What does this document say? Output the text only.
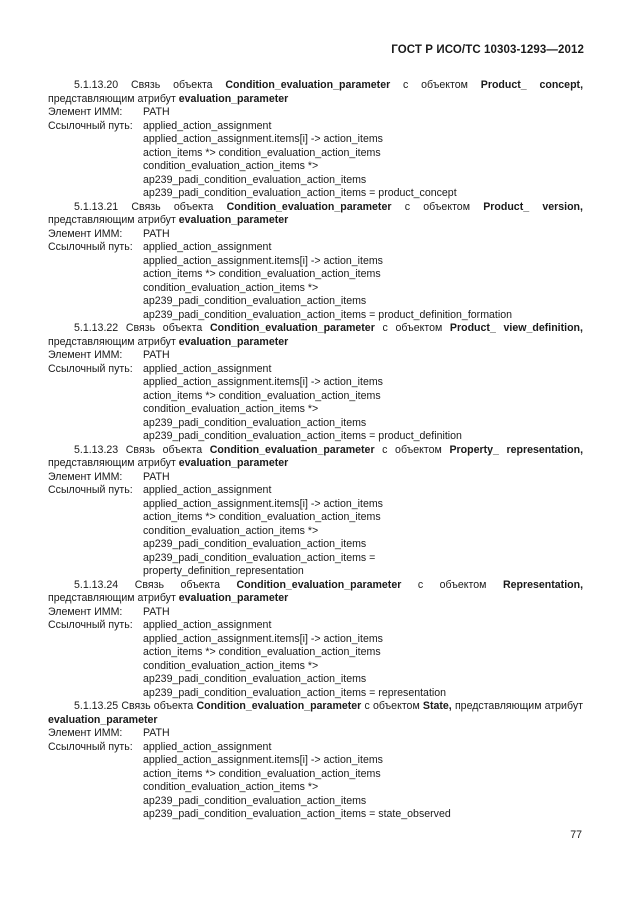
ГОСТ Р ИСО/ТС 10303-1293—2012
5.1.13.20 Связь объекта Condition_evaluation_parameter с объектом Product_ concept, представляющим атрибут evaluation_parameter
Элемент ИММ:	PATH
Ссылочный путь: applied_action_assignment
applied_action_assignment.items[i] -> action_items
action_items *> condition_evaluation_action_items
condition_evaluation_action_items *>
ap239_padi_condition_evaluation_action_items
ap239_padi_condition_evaluation_action_items = product_concept
5.1.13.21 Связь объекта Condition_evaluation_parameter с объектом Product_ version, представляющим атрибут evaluation_parameter
Элемент ИММ:	PATH
Ссылочный путь: applied_action_assignment
applied_action_assignment.items[i] -> action_items
action_items *> condition_evaluation_action_items
condition_evaluation_action_items *>
ap239_padi_condition_evaluation_action_items
ap239_padi_condition_evaluation_action_items = product_definition_formation
5.1.13.22 Связь объекта Condition_evaluation_parameter с объектом Product_ view_definition, представляющим атрибут evaluation_parameter
Элемент ИММ:	PATH
Ссылочный путь: applied_action_assignment
applied_action_assignment.items[i] -> action_items
action_items *> condition_evaluation_action_items
condition_evaluation_action_items *>
ap239_padi_condition_evaluation_action_items
ap239_padi_condition_evaluation_action_items = product_definition
5.1.13.23 Связь объекта Condition_evaluation_parameter с объектом Property_ representation, представляющим атрибут evaluation_parameter
Элемент ИММ:	PATH
Ссылочный путь: applied_action_assignment
applied_action_assignment.items[i] -> action_items
action_items *> condition_evaluation_action_items
condition_evaluation_action_items *>
ap239_padi_condition_evaluation_action_items
ap239_padi_condition_evaluation_action_items =
property_definition_representation
5.1.13.24 Связь объекта Condition_evaluation_parameter с объектом Representation, представляющим атрибут evaluation_parameter
Элемент ИММ:	PATH
Ссылочный путь: applied_action_assignment
applied_action_assignment.items[i] -> action_items
action_items *> condition_evaluation_action_items
condition_evaluation_action_items *>
ap239_padi_condition_evaluation_action_items
ap239_padi_condition_evaluation_action_items = representation
5.1.13.25 Связь объекта Condition_evaluation_parameter с объектом State, представляющим атрибут evaluation_parameter
Элемент ИММ:	PATH
Ссылочный путь: applied_action_assignment
applied_action_assignment.items[i] -> action_items
action_items *> condition_evaluation_action_items
condition_evaluation_action_items *>
ap239_padi_condition_evaluation_action_items
ap239_padi_condition_evaluation_action_items = state_observed
77
